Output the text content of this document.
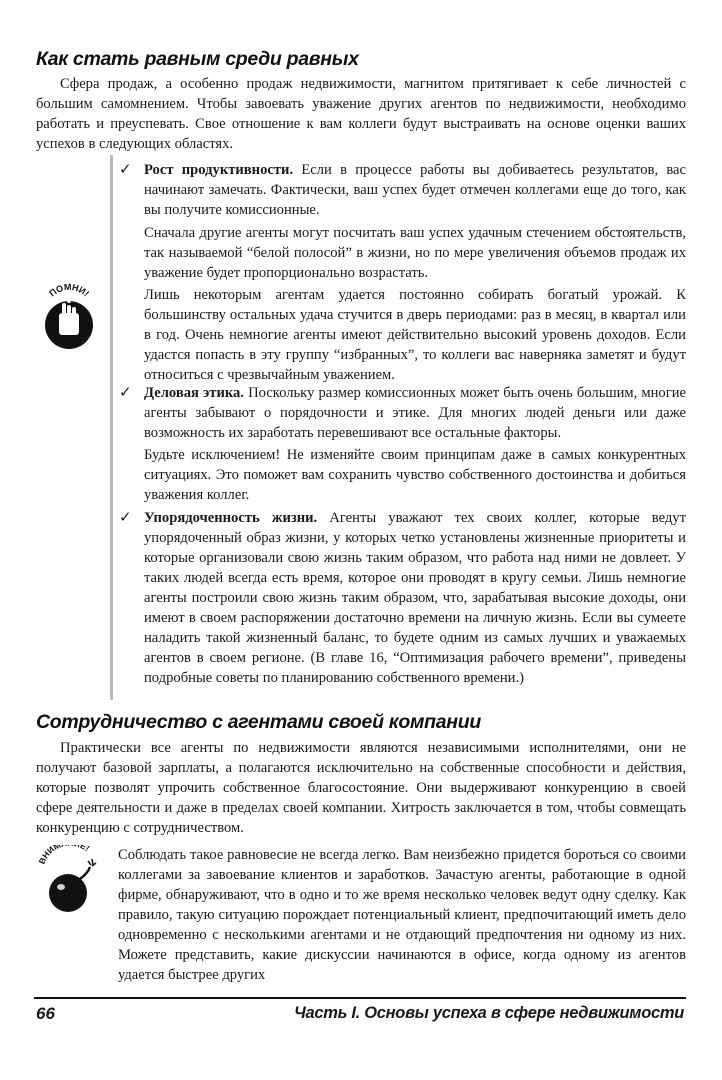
Как стать равным среди равных

Сфера продаж, а особенно продаж недвижимости, магнитом притягивает к себе личностей с большим самомнением. Чтобы завоевать уважение других агентов по недвижимости, необходимо работать и преуспевать. Свое отношение к вам коллеги будут выстраивать на основе оценки ваших успехов в следующих областях.

ПОМНИ!
✓ Рост продуктивности. Если в процессе работы вы добиваетесь результатов, вас начинают замечать. Фактически, ваш успех будет отмечен коллегами еще до того, как вы получите комиссионные.

Сначала другие агенты могут посчитать ваш успех удачным стечением обстоятельств, так называемой “белой полосой” в жизни, но по мере увеличения объемов продаж их уважение будет пропорционально возрастать.

Лишь некоторым агентам удается постоянно собирать богатый урожай. К большинству остальных удача стучится в дверь периодами: раз в месяц, в квартал или в год. Очень немногие агенты имеют действительно высокий уровень доходов. Если удастся попасть в эту группу “избранных”, то коллеги вас наверняка заметят и будут относиться с чрезвычайным уважением.

✓ Деловая этика. Поскольку размер комиссионных может быть очень большим, многие агенты забывают о порядочности и этике. Для многих людей деньги или даже возможность их заработать перевешивают все остальные факторы.

Будьте исключением! Не изменяйте своим принципам даже в самых конкурентных ситуациях. Это поможет вам сохранить чувство собственного достоинства и добиться уважения коллег.

✓ Упорядоченность жизни. Агенты уважают тех своих коллег, которые ведут упорядоченный образ жизни, у которых четко установлены жизненные приоритеты и которые организовали свою жизнь таким образом, что работа над ними не довлеет. У таких людей всегда есть время, которое они проводят в кругу семьи. Лишь немногие агенты построили свою жизнь таким образом, что, зарабатывая высокие доходы, они имеют в своем распоряжении достаточно времени на личную жизнь. Если вы сумеете наладить такой жизненный баланс, то будете одним из самых лучших и уважаемых агентов в своем регионе. (В главе 16, “Оптимизация рабочего времени”, приведены подробные советы по планированию собственного времени.)

Сотрудничество с агентами своей компании

Практически все агенты по недвижимости являются независимыми исполнителями, они не получают базовой зарплаты, а полагаются исключительно на собственные способности и действия, которые позволят упрочить собственное благосостояние. Они выдерживают конкуренцию в своей сфере деятельности и даже в пределах своей компании. Хитрость заключается в том, чтобы совмещать конкуренцию с сотрудничеством.

НИМ Е! Соблюдать такое равновесие не всегда легко. Вам неизбежно придется бороться со своими коллегами за завоевание клиентов и заработков. Зачастую агенты, работающие в одной фирме, обнаруживают, что в одно и то же время несколько человек ведут одну сделку. Как правило, такую ситуацию порождает потенциальный клиент, предпочитающий иметь дело одновременно с несколькими агентами и не отдающий предпочтения ни одному из них. Можете представить, какие дискуссии начинаются в офисе, когда одному из агентов удается быстрее других

66	Часть I. Основы успеха в сфере недвижимости
